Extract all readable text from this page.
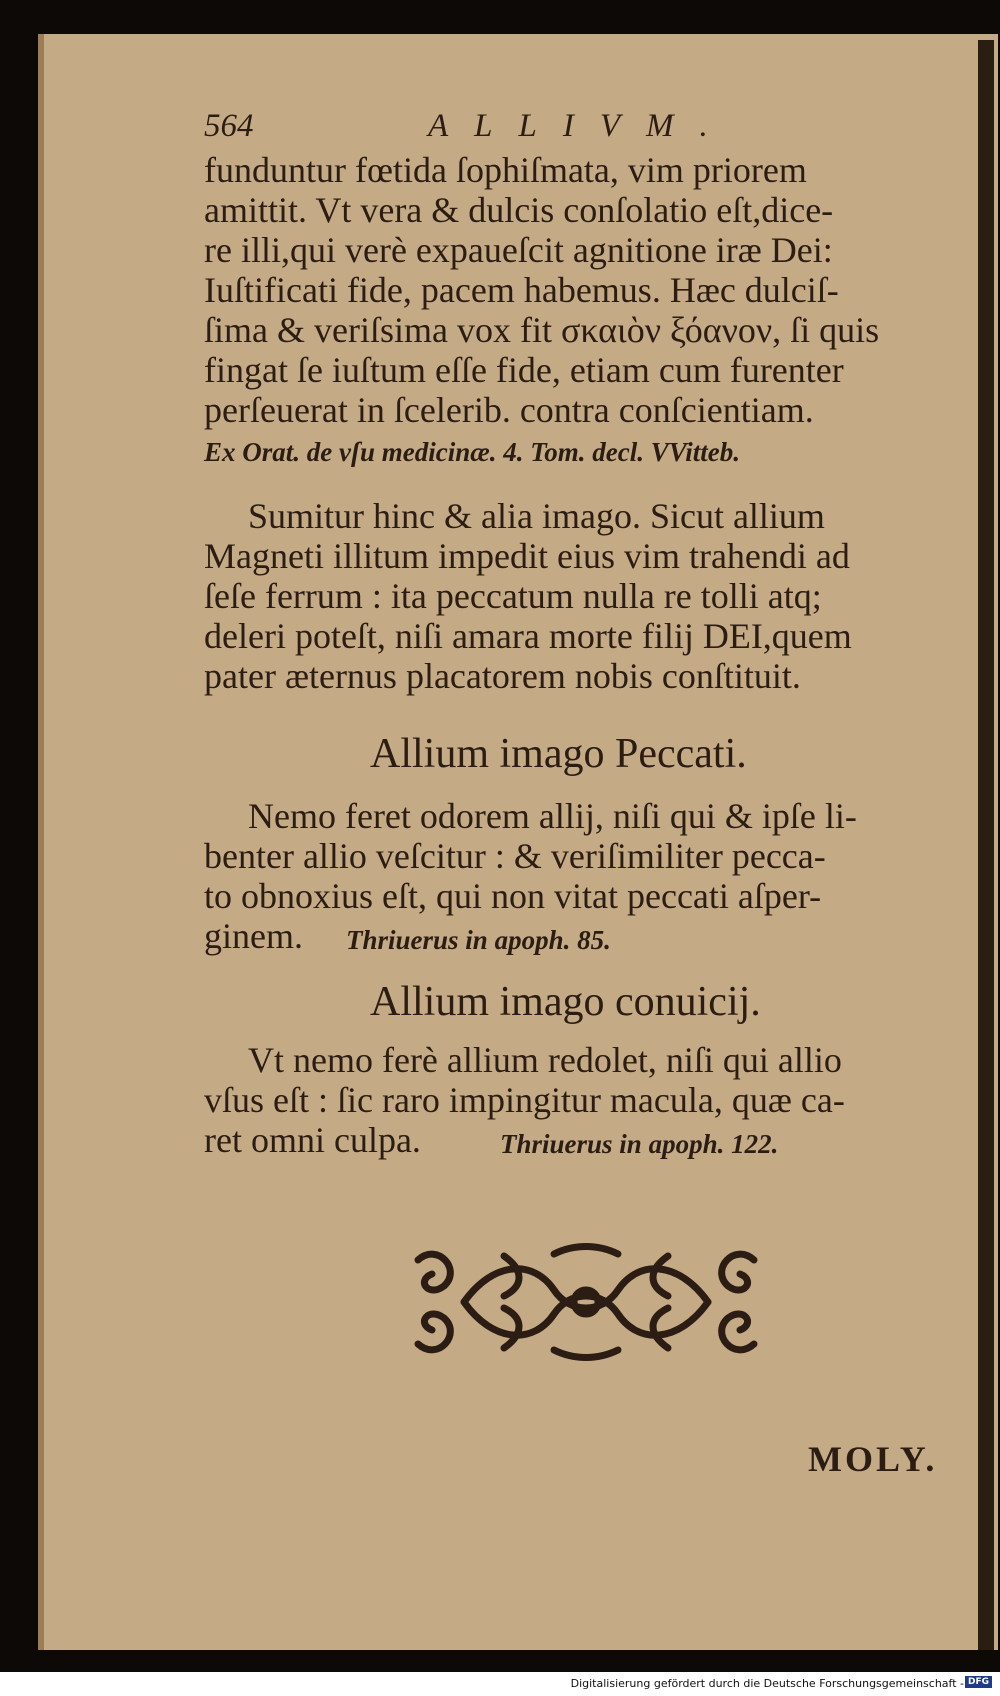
564	ALLIVM.
funduntur fœtida ſophiſmata, vim priorem
amittit. Vt vera & dulcis conſolatio eſt,dice-
re illi,qui verè expaueſcit agnitione iræ Dei:
Iuſtificati fide, pacem habemus. Hæc dulciſ-
ſima & veriſsima vox fit σκαιὸν ξόανον, ſi quis
fingat ſe iuſtum eſſe fide, etiam cum furenter
perſeuerat in ſcelerib. contra conſcientiam.
Ex Orat. de vſu medicinæ. 4. Tom. decl. VVitteb.
Sumitur hinc & alia imago. Sicut allium
Magneti illitum impedit eius vim trahendi ad
ſeſe ferrum : ita peccatum nulla re tolli atq;
deleri poteſt, niſi amara morte filij DEI,quem
pater æternus placatorem nobis conſtituit.
Allium imago Peccati.
Nemo feret odorem allij, niſi qui & ipſe li-
benter allio veſcitur : & veriſimiliter pecca-
to obnoxius eſt, qui non vitat peccati aſper-
ginem. Thriuerus in apoph. 85.
Allium imago conuicij.
Vt nemo ferè allium redolet, niſi qui allio
vſus eſt : ſic raro impingitur macula, quæ ca-
ret omni culpa.	Thriuerus in apoph. 122.
MOLY.
Digitalisierung gefördert durch die Deutsche Forschungsgemeinschaft - DFG
